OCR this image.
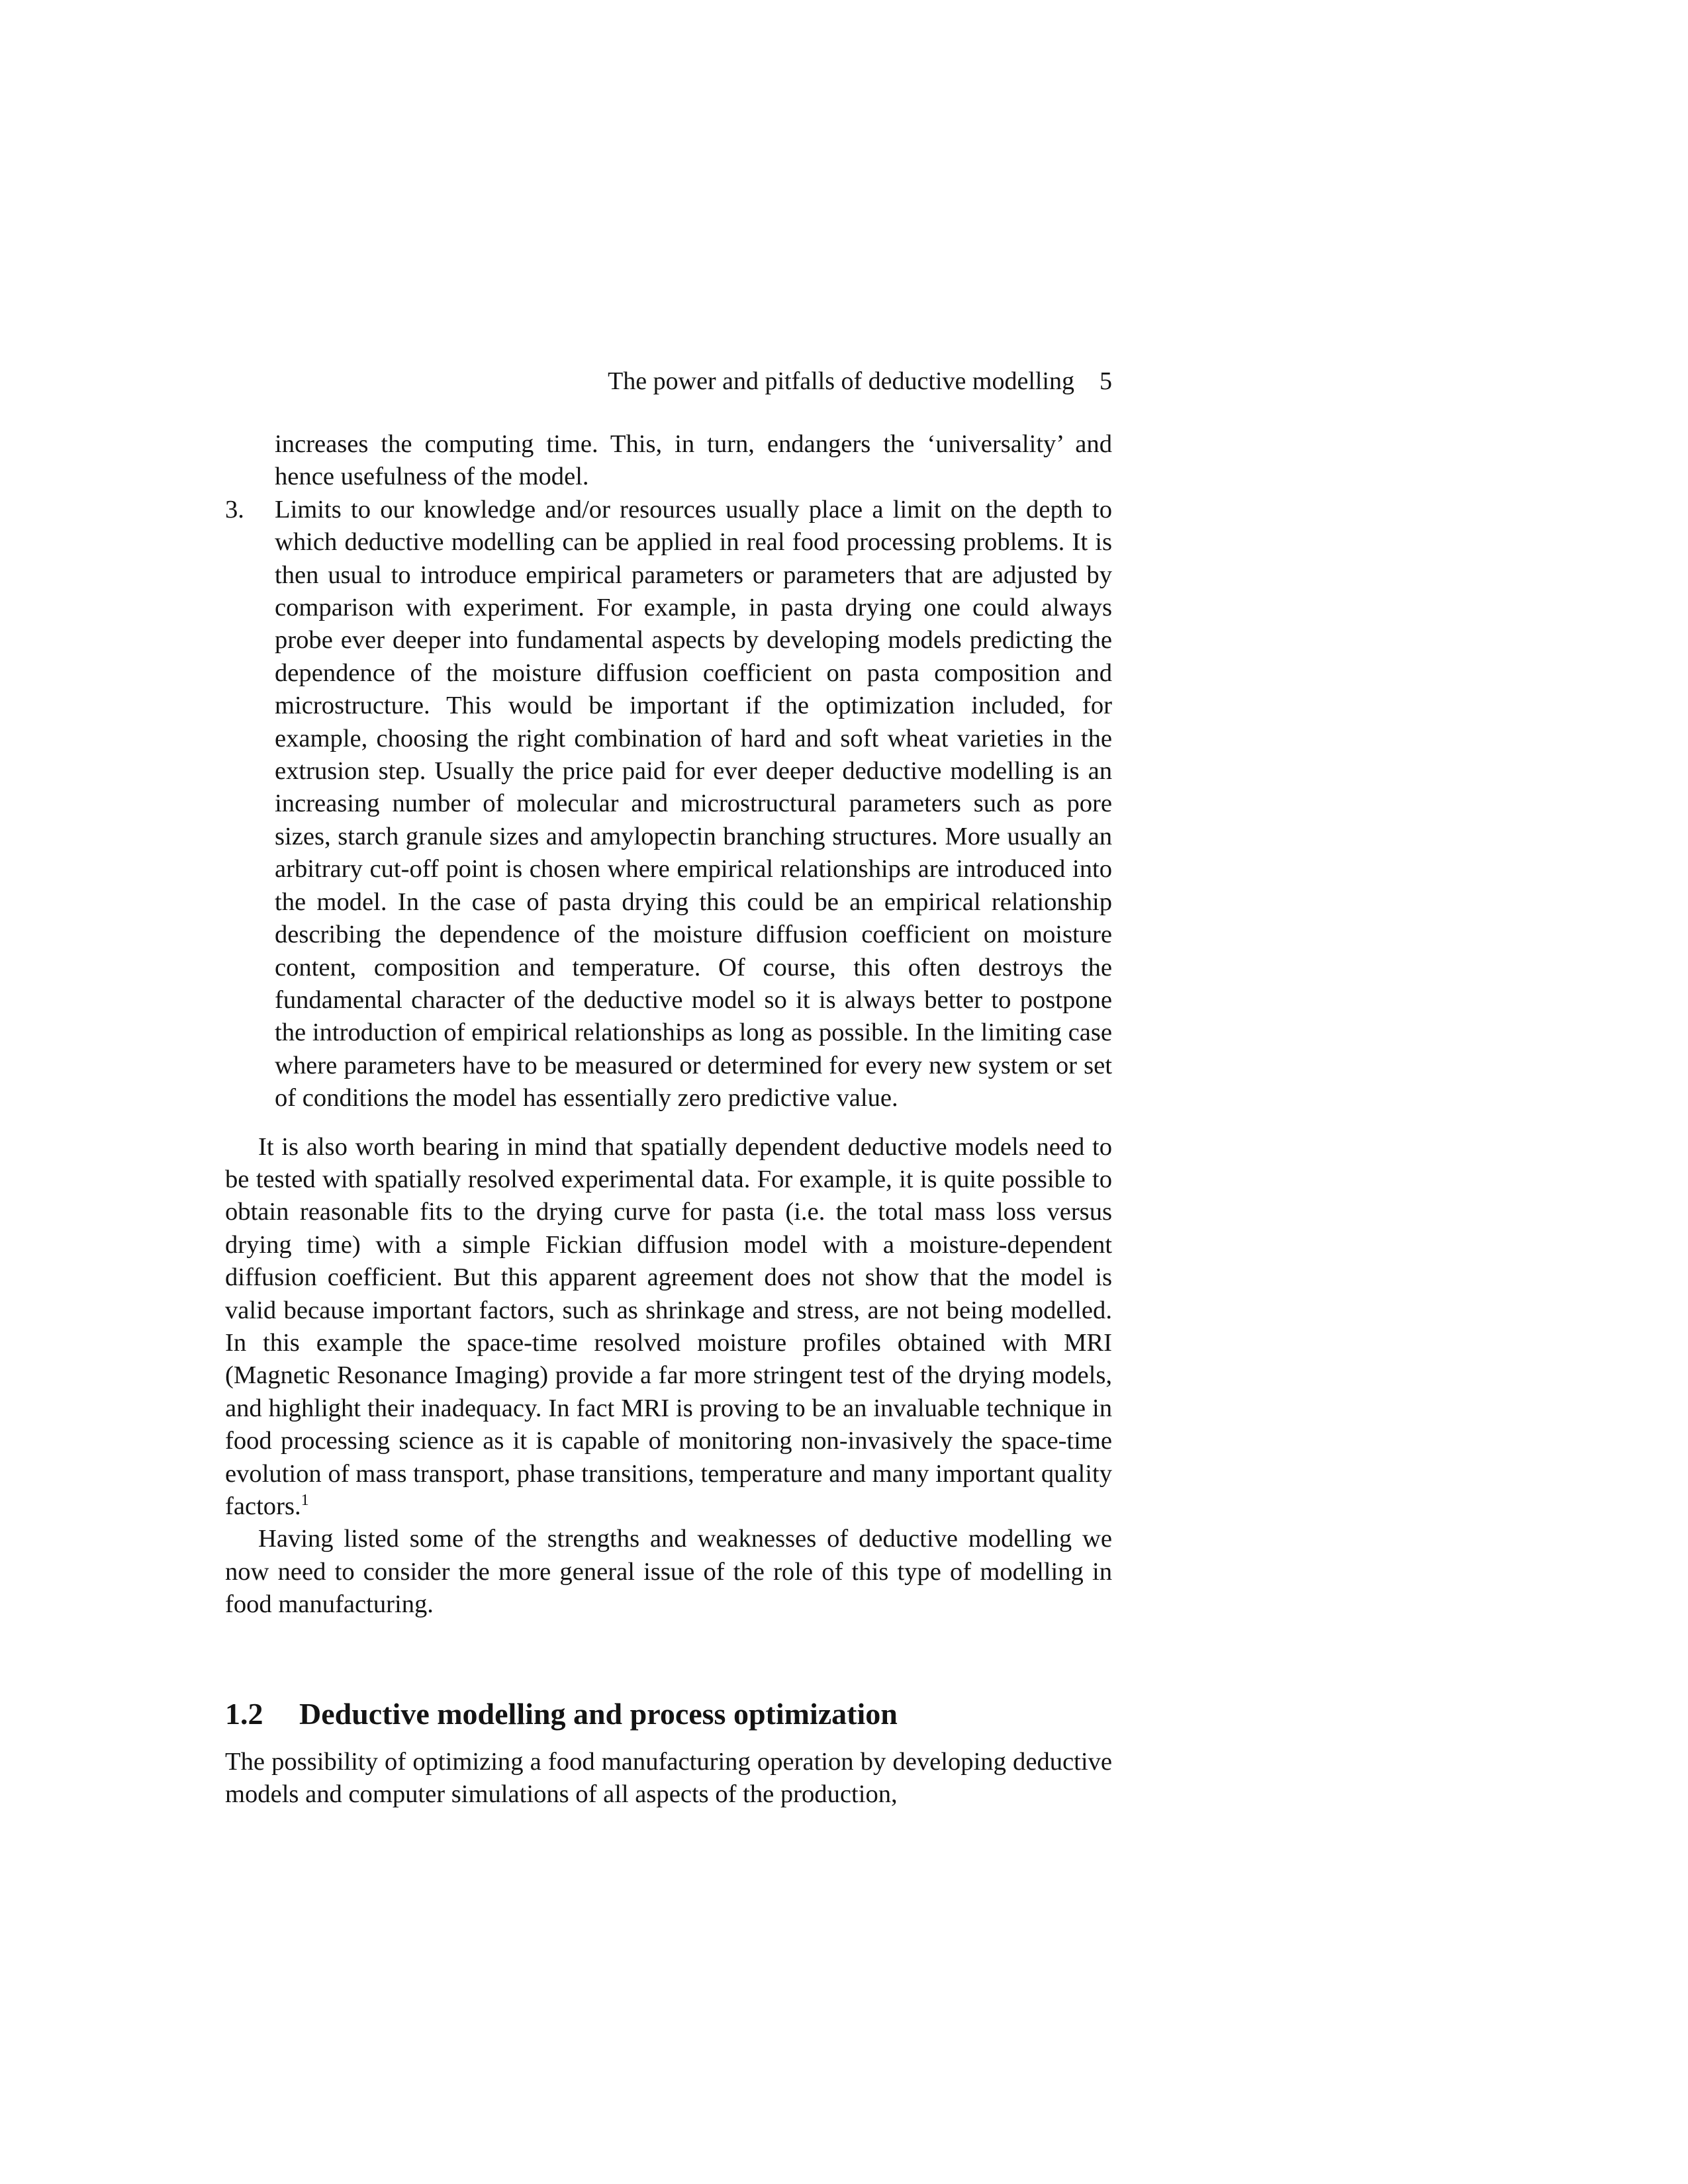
The power and pitfalls of deductive modelling 5

increases the computing time. This, in turn, endangers the ‘universality’ and hence usefulness of the model.

3.	Limits to our knowledge and/or resources usually place a limit on the depth to which deductive modelling can be applied in real food processing problems. It is then usual to introduce empirical parameters or parameters that are adjusted by comparison with experiment. For example, in pasta drying one could always probe ever deeper into fundamental aspects by developing models predicting the dependence of the moisture diffusion coefficient on pasta composition and microstructure. This would be important if the optimization included, for example, choosing the right combination of hard and soft wheat varieties in the extrusion step. Usually the price paid for ever deeper deductive modelling is an increasing number of molecular and microstructural parameters such as pore sizes, starch granule sizes and amylopectin branching structures. More usually an arbitrary cut-off point is chosen where empirical relationships are introduced into the model. In the case of pasta drying this could be an empirical relationship describing the dependence of the moisture diffusion coefficient on moisture content, composition and temperature. Of course, this often destroys the fundamental character of the deductive model so it is always better to postpone the introduction of empirical relationships as long as possible. In the limiting case where parameters have to be measured or determined for every new system or set of conditions the model has essentially zero predictive value.

It is also worth bearing in mind that spatially dependent deductive models need to be tested with spatially resolved experimental data. For example, it is quite possible to obtain reasonable fits to the drying curve for pasta (i.e. the total mass loss versus drying time) with a simple Fickian diffusion model with a moisture-dependent diffusion coefficient. But this apparent agreement does not show that the model is valid because important factors, such as shrinkage and stress, are not being modelled. In this example the space-time resolved moisture profiles obtained with MRI (Magnetic Resonance Imaging) provide a far more stringent test of the drying models, and highlight their inadequacy. In fact MRI is proving to be an invaluable technique in food processing science as it is capable of monitoring non-invasively the space-time evolution of mass transport, phase transitions, temperature and many important quality factors.$^1$

Having listed some of the strengths and weaknesses of deductive modelling we now need to consider the more general issue of the role of this type of modelling in food manufacturing.

1.2	Deductive modelling and process optimization

The possibility of optimizing a food manufacturing operation by developing deductive models and computer simulations of all aspects of the production,
